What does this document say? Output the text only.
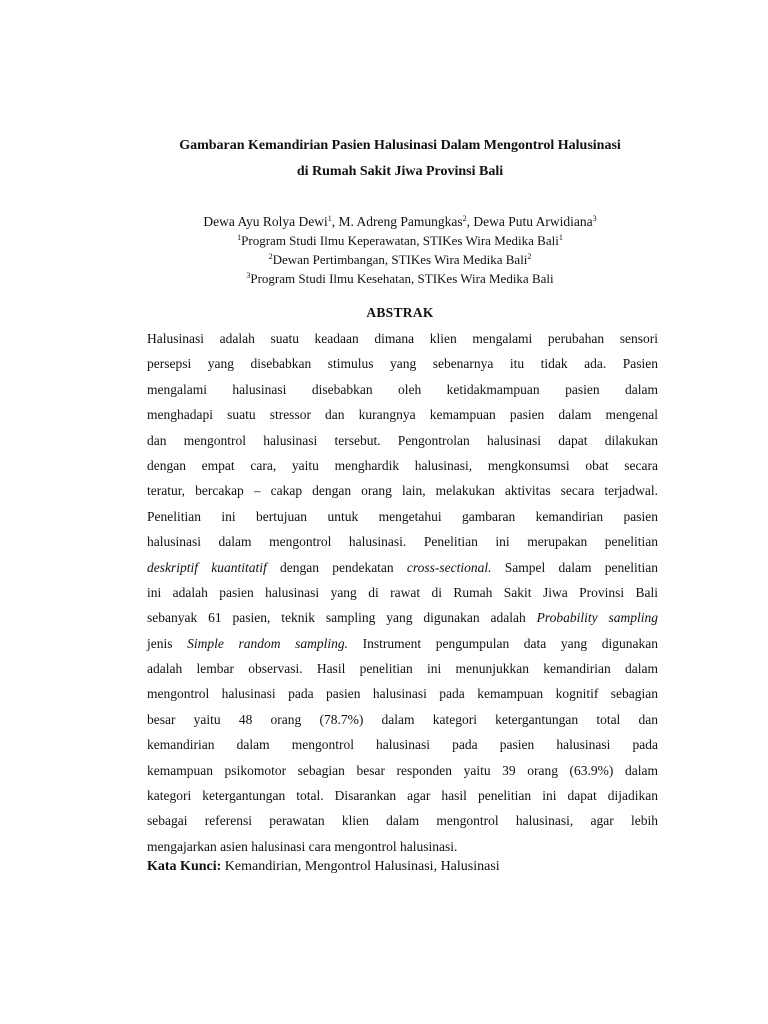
Gambaran Kemandirian Pasien Halusinasi Dalam Mengontrol Halusinasi

di Rumah Sakit Jiwa Provinsi Bali

Dewa Ayu Rolya Dewi$^1$, M. Adreng Pamungkas$^2$, Dewa Putu Arwidiana$^3$
$^1$Program Studi Ilmu Keperawatan, STIKes Wira Medika Bali$^1$
$^2$Dewan Pertimbangan, STIKes Wira Medika Bali$^2$
$^3$Program Studi Ilmu Kesehatan, STIKes Wira Medika Bali
ABSTRAK
Halusinasi adalah suatu keadaan dimana klien mengalami perubahan sensori
persepsi yang disebabkan stimulus yang sebenarnya itu tidak ada. Pasien
mengalami halusinasi disebabkan oleh ketidakmampuan pasien dalam
menghadapi suatu stressor dan kurangnya kemampuan pasien dalam mengenal
dan mengontrol halusinasi tersebut. Pengontrolan halusinasi dapat dilakukan
dengan empat cara, yaitu menghardik halusinasi, mengkonsumsi obat secara
teratur, bercakap – cakap dengan orang lain, melakukan aktivitas secara terjadwal.
Penelitian ini bertujuan untuk mengetahui gambaran kemandirian pasien
halusinasi dalam mengontrol halusinasi. Penelitian ini merupakan penelitian
deskriptif kuantitatif dengan pendekatan cross-sectional. Sampel dalam penelitian
ini adalah pasien halusinasi yang di rawat di Rumah Sakit Jiwa Provinsi Bali
sebanyak 61 pasien, teknik sampling yang digunakan adalah Probability sampling
jenis Simple random sampling. Instrument pengumpulan data yang digunakan
adalah lembar observasi. Hasil penelitian ini menunjukkan kemandirian dalam
mengontrol halusinasi pada pasien halusinasi pada kemampuan kognitif sebagian
besar yaitu 48 orang (78.7%) dalam kategori ketergantungan total dan
kemandirian dalam mengontrol halusinasi pada pasien halusinasi pada
kemampuan psikomotor sebagian besar responden yaitu 39 orang (63.9%) dalam
kategori ketergantungan total. Disarankan agar hasil penelitian ini dapat dijadikan
sebagai referensi perawatan klien dalam mengontrol halusinasi, agar lebih
mengajarkan asien halusinasi cara mengontrol halusinasi.
Kata Kunci: Kemandirian, Mengontrol Halusinasi, Halusinasi
